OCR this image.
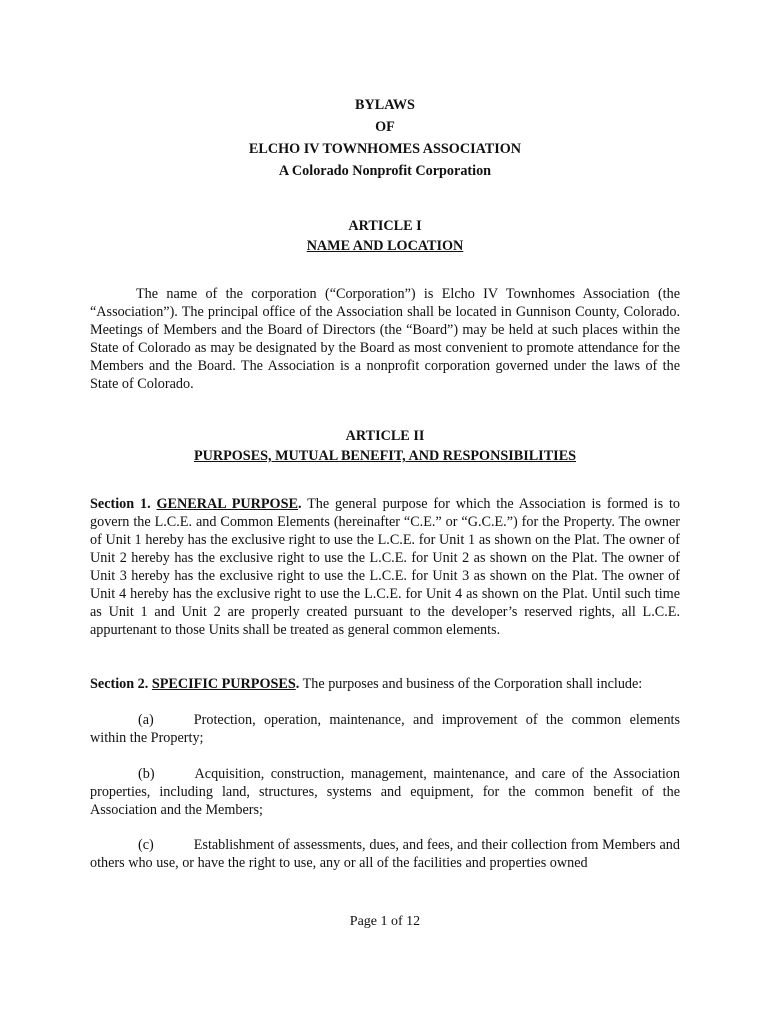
BYLAWS
OF
ELCHO IV TOWNHOMES ASSOCIATION
A Colorado Nonprofit Corporation
ARTICLE I
NAME AND LOCATION

The name of the corporation (“Corporation”) is Elcho IV Townhomes Association (the “Association”). The principal office of the Association shall be located in Gunnison County, Colorado. Meetings of Members and the Board of Directors (the “Board”) may be held at such places within the State of Colorado as may be designated by the Board as most convenient to promote attendance for the Members and the Board. The Association is a nonprofit corporation governed under the laws of the State of Colorado.

ARTICLE II
PURPOSES, MUTUAL BENEFIT, AND RESPONSIBILITIES

Section 1. GENERAL PURPOSE. The general purpose for which the Association is formed is to govern the L.C.E. and Common Elements (hereinafter “C.E.” or “G.C.E.”) for the Property. The owner of Unit 1 hereby has the exclusive right to use the L.C.E. for Unit 1 as shown on the Plat. The owner of Unit 2 hereby has the exclusive right to use the L.C.E. for Unit 2 as shown on the Plat. The owner of Unit 3 hereby has the exclusive right to use the L.C.E. for Unit 3 as shown on the Plat. The owner of Unit 4 hereby has the exclusive right to use the L.C.E. for Unit 4 as shown on the Plat. Until such time as Unit 1 and Unit 2 are properly created pursuant to the developer’s reserved rights, all L.C.E. appurtenant to those Units shall be treated as general common elements.

Section 2. SPECIFIC PURPOSES. The purposes and business of the Corporation shall include:

(a)	Protection, operation, maintenance, and improvement of the common elements within the Property;

(b)	Acquisition, construction, management, maintenance, and care of the Association properties, including land, structures, systems and equipment, for the common benefit of the Association and the Members;

(c)	Establishment of assessments, dues, and fees, and their collection from Members and others who use, or have the right to use, any or all of the facilities and properties owned

Page 1 of 12
